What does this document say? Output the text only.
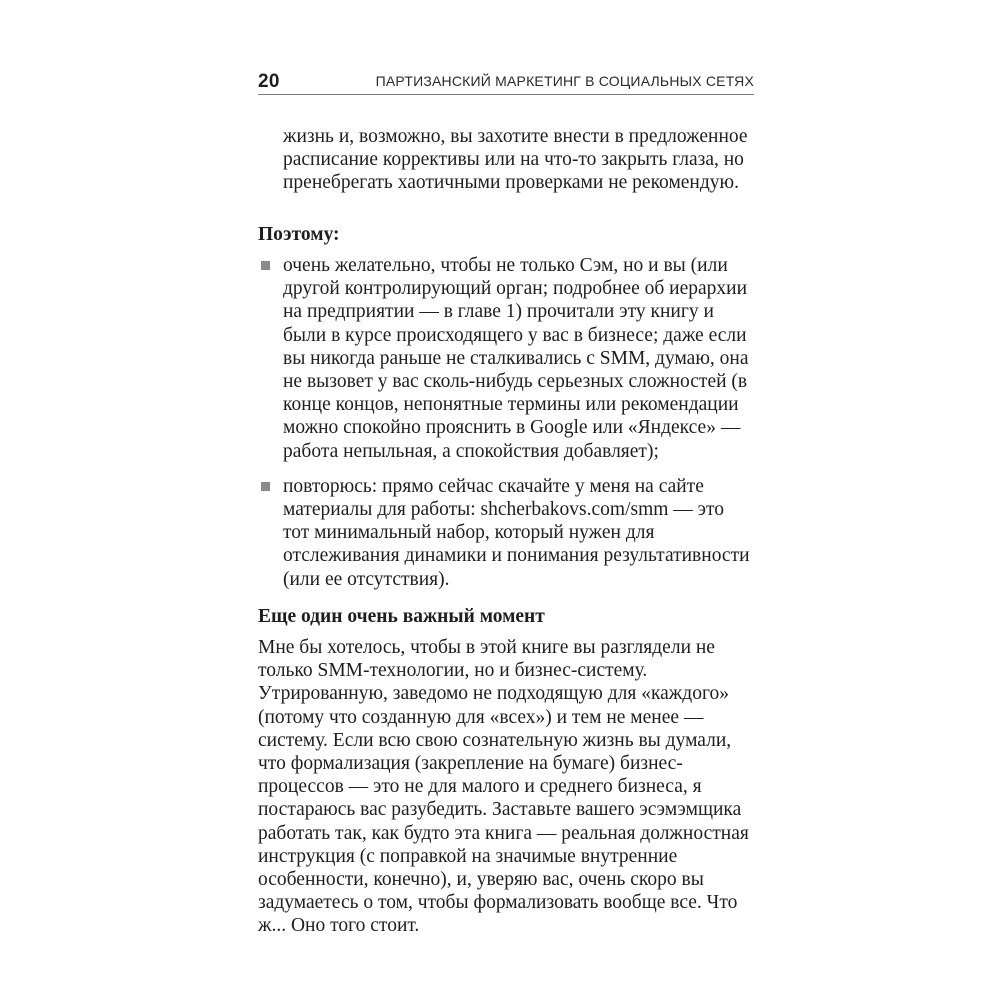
20	ПАРТИЗАНСКИЙ МАРКЕТИНГ В СОЦИАЛЬНЫХ СЕТЯХ

жизнь и, возможно, вы захотите внести в предложенное расписание коррективы или на что-то закрыть глаза, но пренебрегать хаотичными проверками не рекомендую.

Поэтому:
очень желательно, чтобы не только Сэм, но и вы (или другой контролирующий орган; подробнее об иерархии на предприятии — в главе 1) прочитали эту книгу и были в курсе происходящего у вас в бизнесе; даже если вы никогда раньше не сталкивались с SMM, думаю, она не вызовет у вас сколь-нибудь серьезных сложностей (в конце концов, непонятные термины или рекомендации можно спокойно прояснить в Google или «Яндексе» — работа непыльная, а спокойствия добавляет);
повторюсь: прямо сейчас скачайте у меня на сайте материалы для работы: shcherbakovs.com/smm — это тот минимальный набор, который нужен для отслеживания динамики и понимания результативности (или ее отсутствия).
Еще один очень важный момент

Мне бы хотелось, чтобы в этой книге вы разглядели не только SMM-технологии, но и бизнес-систему. Утрированную, заведомо не подходящую для «каждого» (потому что созданную для «всех») и тем не менее — систему. Если всю свою сознательную жизнь вы думали, что формализация (закрепление на бумаге) бизнес-процессов — это не для малого и среднего бизнеса, я постараюсь вас разубедить. Заставьте вашего эсэмэмщика работать так, как будто эта книга — реальная должностная инструкция (с поправкой на значимые внутренние особенности, конечно), и, уверяю вас, очень скоро вы задумаетесь о том, чтобы формализовать вообще все. Что ж... Оно того стоит.
